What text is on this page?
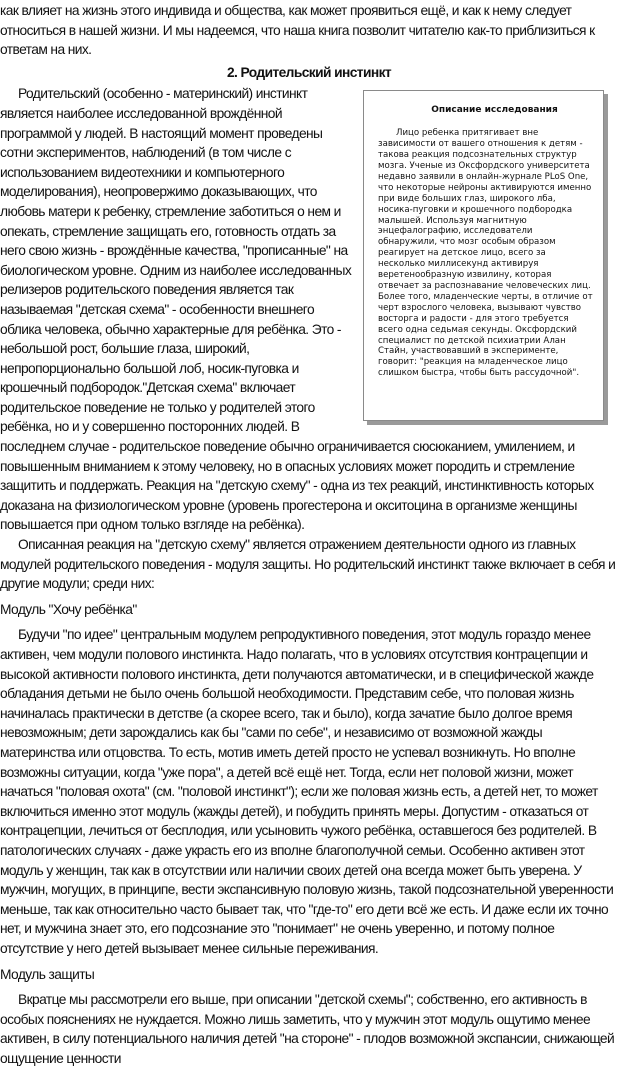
как влияет на жизнь этого индивида и общества, как может проявиться ещё, и как к нему следует относиться в нашей жизни. И мы надеемся, что наша книга позволит читателю как-то приблизиться к ответам на них.

2. Родительский инстинкт

Описание исследования
Лицо ребенка притягивает вне зависимости от вашего отношения к детям - такова реакция подсознательных структур мозга. Ученые из Оксфордского университета недавно заявили в онлайн-журнале PLoS One, что некоторые нейроны активируются именно при виде больших глаз, широкого лба, носика-пуговки и крошечного подбородка малышей. Используя магнитную энцефалографию, исследователи обнаружили, что мозг особым образом реагирует на детское лицо, всего за несколько миллисекунд активируя веретенообразную извилину, которая отвечает за распознавание человеческих лиц. Более того, младенческие черты, в отличие от черт взрослого человека, вызывают чувство восторга и радости - для этого требуется всего одна седьмая секунды. Оксфордский специалист по детской психиатрии Алан Стайн, участвовавший в эксперименте, говорит: "реакция на младенческое лицо слишком быстра, чтобы быть рассудочной".
Родительский (особенно - материнский) инстинкт является наиболее исследованной врождённой программой у людей. В настоящий момент проведены сотни экспериментов, наблюдений (в том числе с использованием видеотехники и компьютерного моделирования), неопровержимо доказывающих, что любовь матери к ребенку, стремление заботиться о нем и опекать, стремление защищать его, готовность отдать за него свою жизнь - врождённые качества, "прописанные" на биологическом уровне. Одним из наиболее исследованных релизеров родительского поведения является так называемая "детская схема" - особенности внешнего облика человека, обычно характерные для ребёнка. Это - небольшой рост, большие глаза, широкий, непропорционально большой лоб, носик-пуговка и крошечный подбородок."Детская схема" включает родительское поведение не только у родителей этого ребёнка, но и у совершенно посторонних людей. В последнем случае - родительское поведение обычно ограничивается сюсюканием, умилением, и повышенным вниманием к этому человеку, но в опасных условиях может породить и стремление защитить и поддержать. Реакция на "детскую схему" - одна из тех реакций, инстинктивность которых доказана на физиологическом уровне (уровень прогестерона и окситоцина в организме женщины повышается при одном только взгляде на ребёнка).

Описанная реакция на "детскую схему" является отражением деятельности одного из главных модулей родительского поведения - модуля защиты. Но родительский инстинкт также включает в себя и другие модули; среди них:

Модуль "Хочу ребёнка"

Будучи "по идее" центральным модулем репродуктивного поведения, этот модуль гораздо менее активен, чем модули полового инстинкта. Надо полагать, что в условиях отсутствия контрацепции и высокой активности полового инстинкта, дети получаются автоматически, и в специфической жажде обладания детьми не было очень большой необходимости. Представим себе, что половая жизнь начиналась практически в детстве (а скорее всего, так и было), когда зачатие было долгое время невозможным; дети зарождались как бы "сами по себе", и независимо от возможной жажды материнства или отцовства. То есть, мотив иметь детей просто не успевал возникнуть. Но вполне возможны ситуации, когда "уже пора", а детей всё ещё нет. Тогда, если нет половой жизни, может начаться "половая охота" (см. "половой инстинкт"); если же половая жизнь есть, а детей нет, то может включиться именно этот модуль (жажды детей), и побудить принять меры. Допустим - отказаться от контрацепции, лечиться от бесплодия, или усыновить чужого ребёнка, оставшегося без родителей. В патологических случаях - даже украсть его из вполне благополучной семьи. Особенно активен этот модуль у женщин, так как в отсутствии или наличии своих детей она всегда может быть уверена. У мужчин, могущих, в принципе, вести экспансивную половую жизнь, такой подсознательной уверенности меньше, так как относительно часто бывает так, что "где-то" его дети всё же есть. И даже если их точно нет, и мужчина знает это, его подсознание это "понимает" не очень уверенно, и потому полное отсутствие у него детей вызывает менее сильные переживания.

Модуль защиты

Вкратце мы рассмотрели его выше, при описании "детской схемы"; собственно, его активность в особых пояснениях не нуждается. Можно лишь заметить, что у мужчин этот модуль ощутимо менее активен, в силу потенциального наличия детей "на стороне" - плодов возможной экспансии, снижающей ощущение ценности
